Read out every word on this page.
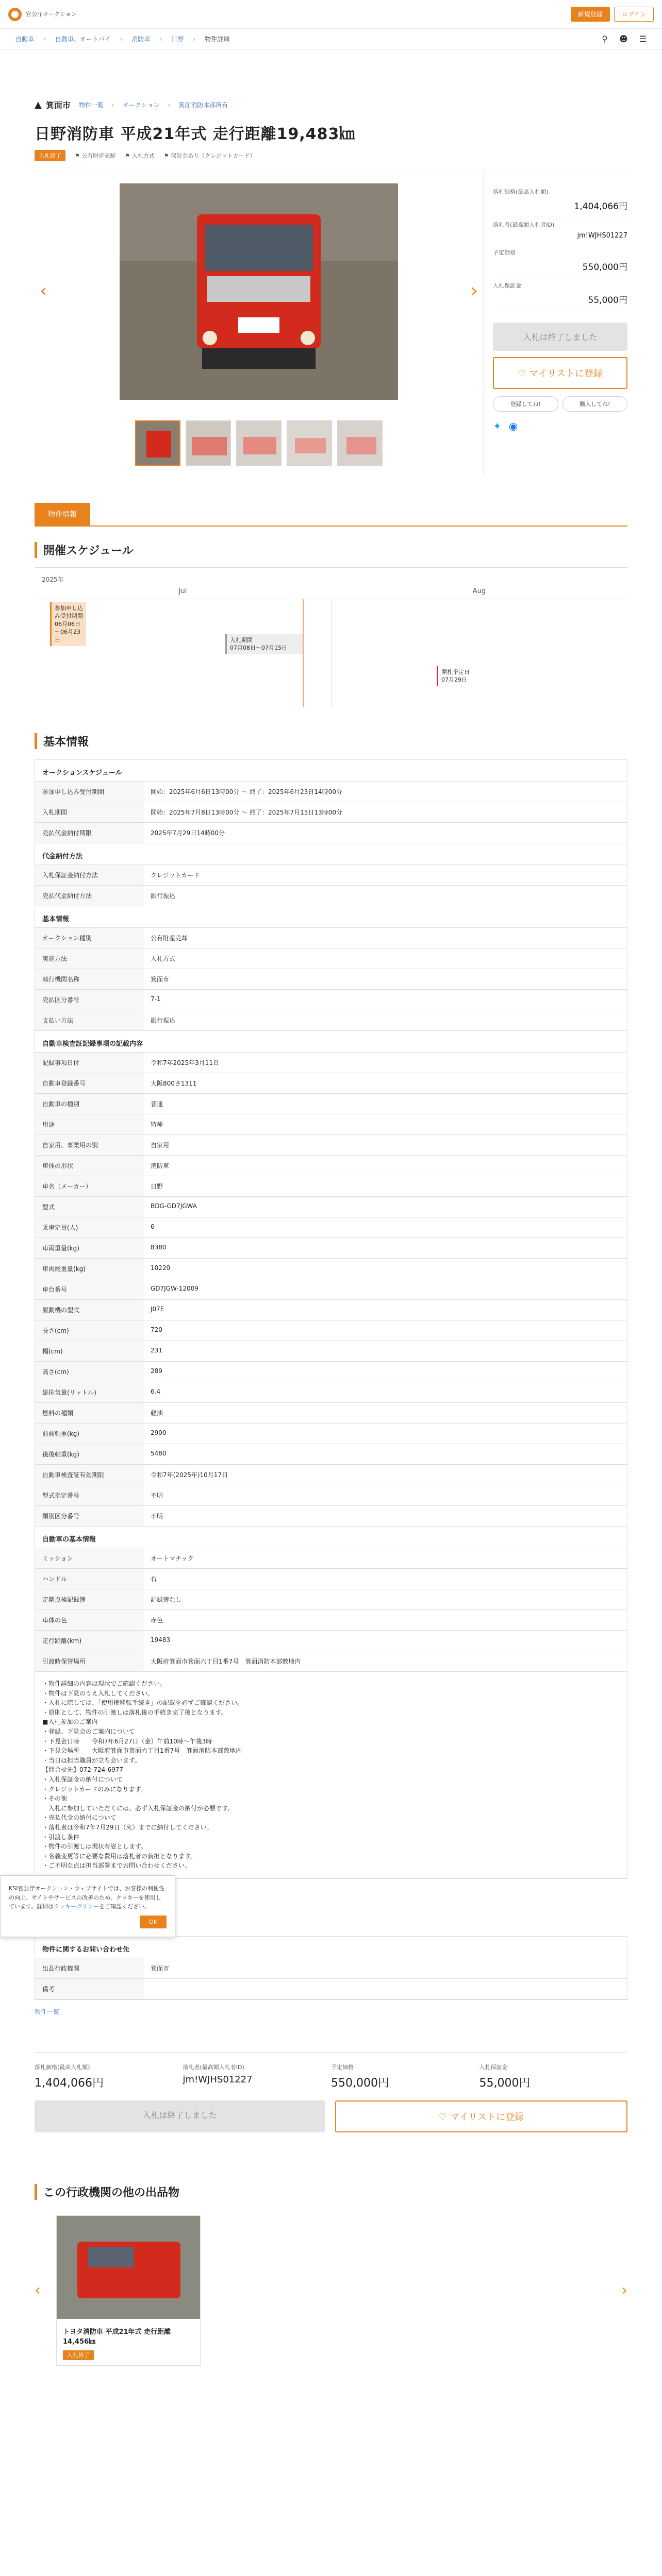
官公庁オークション	新規登録	ログイン
自動車 › 自動車、オートバイ › 消防車 › 日野 › 物件詳細	⚲ ☻ ☰
▲ 箕面市 物件一覧 › オークション › 箕面消防本部所有
日野消防車 平成21年式 走行距離19,483㎞
入札終了	⚑ 公有財産売却 ⚑ 入札方式 ⚑ 保証金あり（クレジットカード）
‹	›
落札価格(最高入札額)
1,404,066円
落札者(最高額入札者ID)
jm!WJHS01227
予定価格
550,000円
入札保証金
55,000円
入札は終了しました
♡ マイリストに登録
登録してね!	購入してね!
✦ ◉
物件情報
開催スケジュール
2025年
Jul	Aug
参加申し込み受付期間
06月06日～06月23日	入札期間
07月08日～07月15日
開札予定日
07月29日
基本情報
オークションスケジュール
参加申し込み受付期間	開始：2025年6月6日13時00分 ～ 終了：2025年6月23日14時00分
入札期間	開始：2025年7月8日13時00分 ～ 終了：2025年7月15日13時00分
売払代金納付期限	2025年7月29日14時00分
代金納付方法
入札保証金納付方法	クレジットカード
売払代金納付方法	銀行振込
基本情報
オークション種別	公有財産売却
実施方法	入札方式
執行機関名称	箕面市
売払区分番号	7-1
支払い方法	銀行振込
自動車検査証記録事項の記載内容
記録事項日付	令和7年2025年3月11日
自動車登録番号	大阪800さ1311
自動車の種別	普通
用途	特種
自家用、事業用の別	自家用
車体の形状	消防車
車名（メーカー）	日野
型式	BDG-GD7JGWA
乗車定員(人)	6
車両重量(kg)	8380
車両総重量(kg)	10220
車台番号	GD7JGW-12009
原動機の型式	J07E
長さ(cm)	720
幅(cm)	231
高さ(cm)	289
総排気量(リットル)	6.4
燃料の種類	軽油
前前軸重(kg)	2900
後後軸重(kg)	5480
自動車検査証有効期限	令和7年(2025年)10月17日
型式指定番号	不明
類別区分番号	不明
自動車の基本情報
ミッション	オートマチック
ハンドル	右
定期点検記録簿	記録簿なし
車体の色	赤色
走行距離(km)	19483
引渡時保管場所	大阪府箕面市箕面六丁目1番7号　箕面消防本部敷地内

・物件詳細の内容は現状でご確認ください。

・物件は下見のうえ入札してください。

・入札に際しては、「使用権移転手続き」の記載を必ずご確認ください。

・原則として、物件の引渡しは落札後の手続き完了後となります。

■入札参加のご案内

・登録、下見会のご案内について

・下見会日時　　令和7年6月27日（金）午前10時～午後3時

・下見会場所　　大阪府箕面市箕面六丁目1番7号　箕面消防本部敷地内

・当日は担当職員が立ち会います。

【問合せ先】072-724-6977

・入札保証金の納付について

・クレジットカードのみになります。

・その他

　入札に参加していただくには、必ず入札保証金の納付が必要です。

・売払代金の納付について

・落札者は令和7年7月29日（火）までに納付してください。

・引渡し条件

・物件の引渡しは現状有姿とします。

・名義変更等に必要な費用は落札者の負担となります。

・ご不明な点は担当部署までお問い合わせください。

物件に関するお問い合わせ先
出品行政機関	箕面市
備考
物件一覧
落札価格(最高入札額)
1,404,066円
落札者(最高額入札者ID)
jm!WJHS01227
予定価格
550,000円
入札保証金
55,000円
入札は終了しました	♡ マイリストに登録
この行政機関の他の出品物
‹
トヨタ消防車 平成21年式 走行距離14,456㎞
入札終了
›
KSI官公庁オークション・ウェブサイトでは、お客様の利便性の向上、サイトやサービスの改善のため、クッキーを使用しています。詳細はクッキーポリシーをご確認ください。
OK
